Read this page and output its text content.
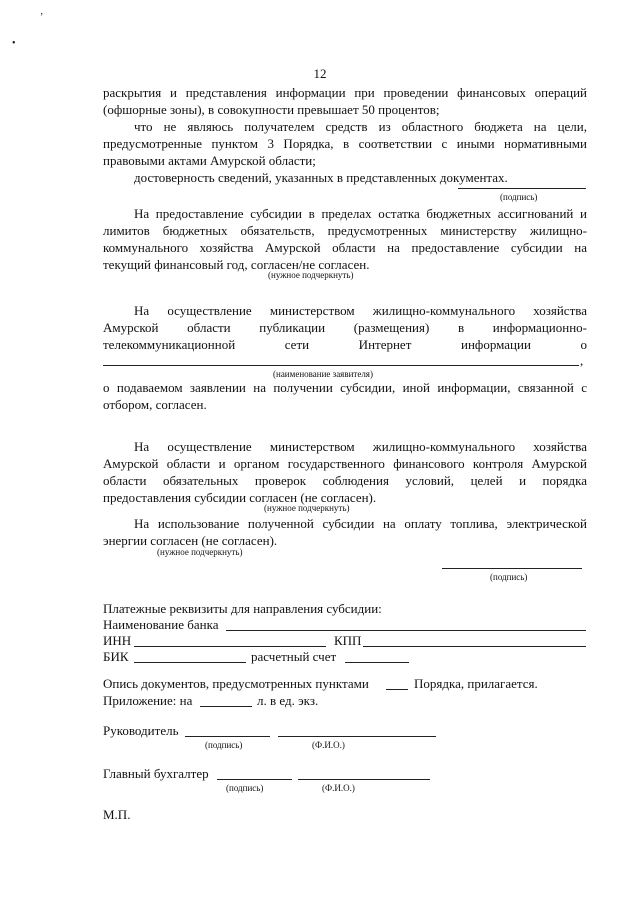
’
•
12
раскрытия и представления информации при проведении финансовых операций
(офшорные зоны), в совокупности превышает 50 процентов;
что не являюсь получателем средств из областного бюджета на цели,
предусмотренные пунктом 3 Порядка, в соответствии с иными нормативными
правовыми актами Амурской области;
достоверность сведений, указанных в представленных документах.
(подпись)
На предоставление субсидии в пределах остатка бюджетных ассигнований и
лимитов бюджетных обязательств, предусмотренных министерству жилищно-
коммунального хозяйства Амурской области на предоставление субсидии на
текущий финансовый год, согласен/не согласен.
(нужное подчеркнуть)
На осуществление министерством жилищно-коммунального хозяйства
Амурской области публикации (размещения) в информационно-
телекоммуникационной сети Интернет информации о
,
(наименование заявителя)
о подаваемом заявлении на получении субсидии, иной информации, связанной с
отбором, согласен.
На осуществление министерством жилищно-коммунального хозяйства
Амурской области и органом государственного финансового контроля Амурской
области обязательных проверок соблюдения условий, целей и порядка
предоставления субсидии согласен (не согласен).
(нужное подчеркнуть)
На использование полученной субсидии на оплату топлива, электрической
энергии согласен (не согласен).
(нужное подчеркнуть)
(подпись)
Платежные реквизиты для направления субсидии:
Наименование банка
ИНН	КПП
БИК	расчетный счет
Опись документов, предусмотренных пунктами	Порядка, прилагается.
Приложение: на	л. в ед. экз.
Руководитель
(подпись)	(Ф.И.О.)
Главный бухгалтер
(подпись)	(Ф.И.О.)
М.П.
